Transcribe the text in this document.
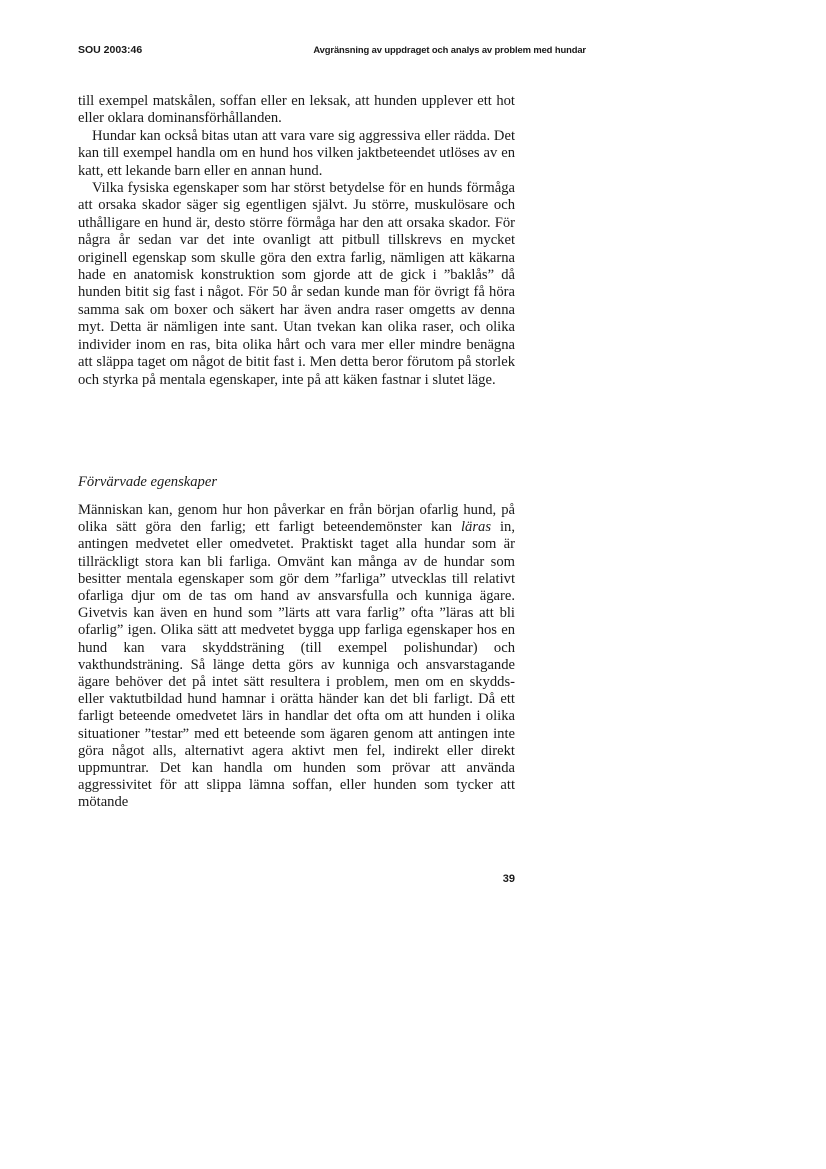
SOU 2003:46	Avgränsning av uppdraget och analys av problem med hundar

till exempel matskålen, soffan eller en leksak, att hunden upplever ett hot eller oklara dominansförhållanden.

Hundar kan också bitas utan att vara vare sig aggressiva eller rädda. Det kan till exempel handla om en hund hos vilken jaktbeteendet utlöses av en katt, ett lekande barn eller en annan hund.

Vilka fysiska egenskaper som har störst betydelse för en hunds förmåga att orsaka skador säger sig egentligen självt. Ju större, muskulösare och uthålligare en hund är, desto större förmåga har den att orsaka skador. För några år sedan var det inte ovanligt att pitbull tillskrevs en mycket originell egenskap som skulle göra den extra farlig, nämligen att käkarna hade en anatomisk konstruktion som gjorde att de gick i ”baklås” då hunden bitit sig fast i något. För 50 år sedan kunde man för övrigt få höra samma sak om boxer och säkert har även andra raser omgetts av denna myt. Detta är nämligen inte sant. Utan tvekan kan olika raser, och olika individer inom en ras, bita olika hårt och vara mer eller mindre benägna att släppa taget om något de bitit fast i. Men detta beror förutom på storlek och styrka på mentala egenskaper, inte på att käken fastnar i slutet läge.

Förvärvade egenskaper

Människan kan, genom hur hon påverkar en från början ofarlig hund, på olika sätt göra den farlig; ett farligt beteendemönster kan läras in, antingen medvetet eller omedvetet. Praktiskt taget alla hundar som är tillräckligt stora kan bli farliga. Omvänt kan många av de hundar som besitter mentala egenskaper som gör dem ”farliga” utvecklas till relativt ofarliga djur om de tas om hand av ansvarsfulla och kunniga ägare. Givetvis kan även en hund som ”lärts att vara farlig” ofta ”läras att bli ofarlig” igen. Olika sätt att medvetet bygga upp farliga egenskaper hos en hund kan vara skyddsträning (till exempel polishundar) och vakthundsträning. Så länge detta görs av kunniga och ansvarstagande ägare behöver det på intet sätt resultera i problem, men om en skydds- eller vaktutbildad hund hamnar i orätta händer kan det bli farligt. Då ett farligt beteende omedvetet lärs in handlar det ofta om att hunden i olika situationer ”testar” med ett beteende som ägaren genom att antingen inte göra något alls, alternativt agera aktivt men fel, indirekt eller direkt uppmuntrar. Det kan handla om hunden som prövar att använda aggressivitet för att slippa lämna soffan, eller hunden som tycker att mötande

39
